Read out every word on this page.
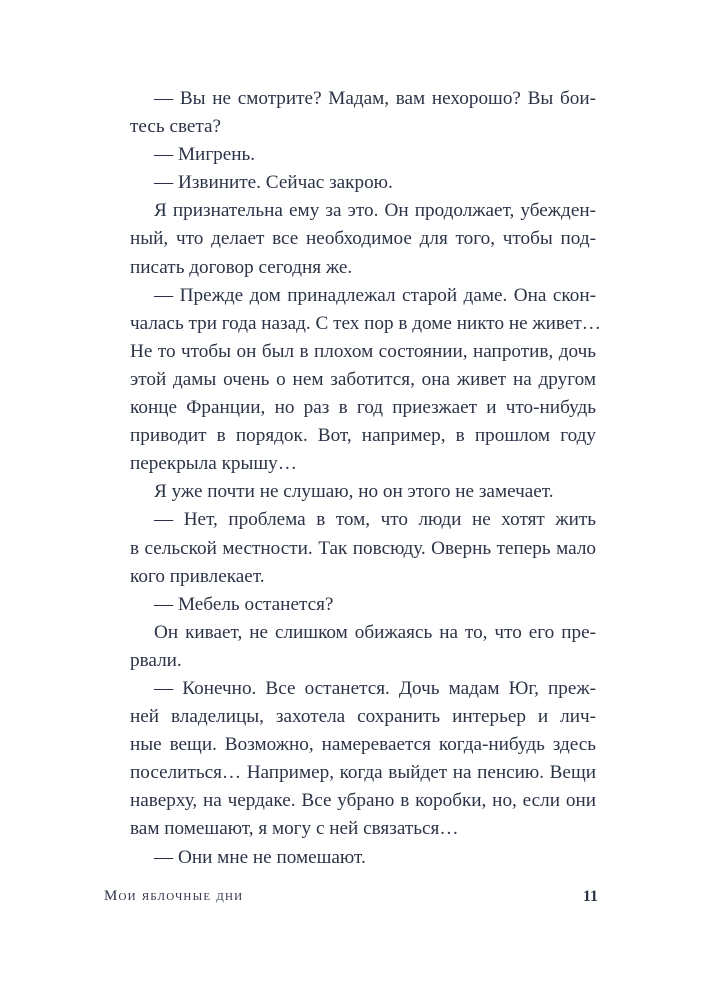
— Вы не смотрите? Мадам, вам нехорошо? Вы бои-
тесь света?
— Мигрень.
— Извините. Сейчас закрою.
Я признательна ему за это. Он продолжает, убежден-
ный, что делает все необходимое для того, чтобы под-
писать договор сегодня же.
— Прежде дом принадлежал старой даме. Она скон-
чалась три года назад. С тех пор в доме никто не живет…
Не то чтобы он был в плохом состоянии, напротив, дочь
этой дамы очень о нем заботится, она живет на другом
конце Франции, но раз в год приезжает и что-нибудь
приводит в порядок. Вот, например, в прошлом году
перекрыла крышу…
Я уже почти не слушаю, но он этого не замечает.
— Нет, проблема в том, что люди не хотят жить
в сельской местности. Так повсюду. Овернь теперь мало
кого привлекает.
— Мебель останется?
Он кивает, не слишком обижаясь на то, что его пре-
рвали.
— Конечно. Все останется. Дочь мадам Юг, преж-
ней владелицы, захотела сохранить интерьер и лич-
ные вещи. Возможно, намеревается когда-нибудь здесь
поселиться… Например, когда выйдет на пенсию. Вещи
наверху, на чердаке. Все убрано в коробки, но, если они
вам помешают, я могу с ней связаться…
— Они мне не помешают.
Мои яблочные дни	11
